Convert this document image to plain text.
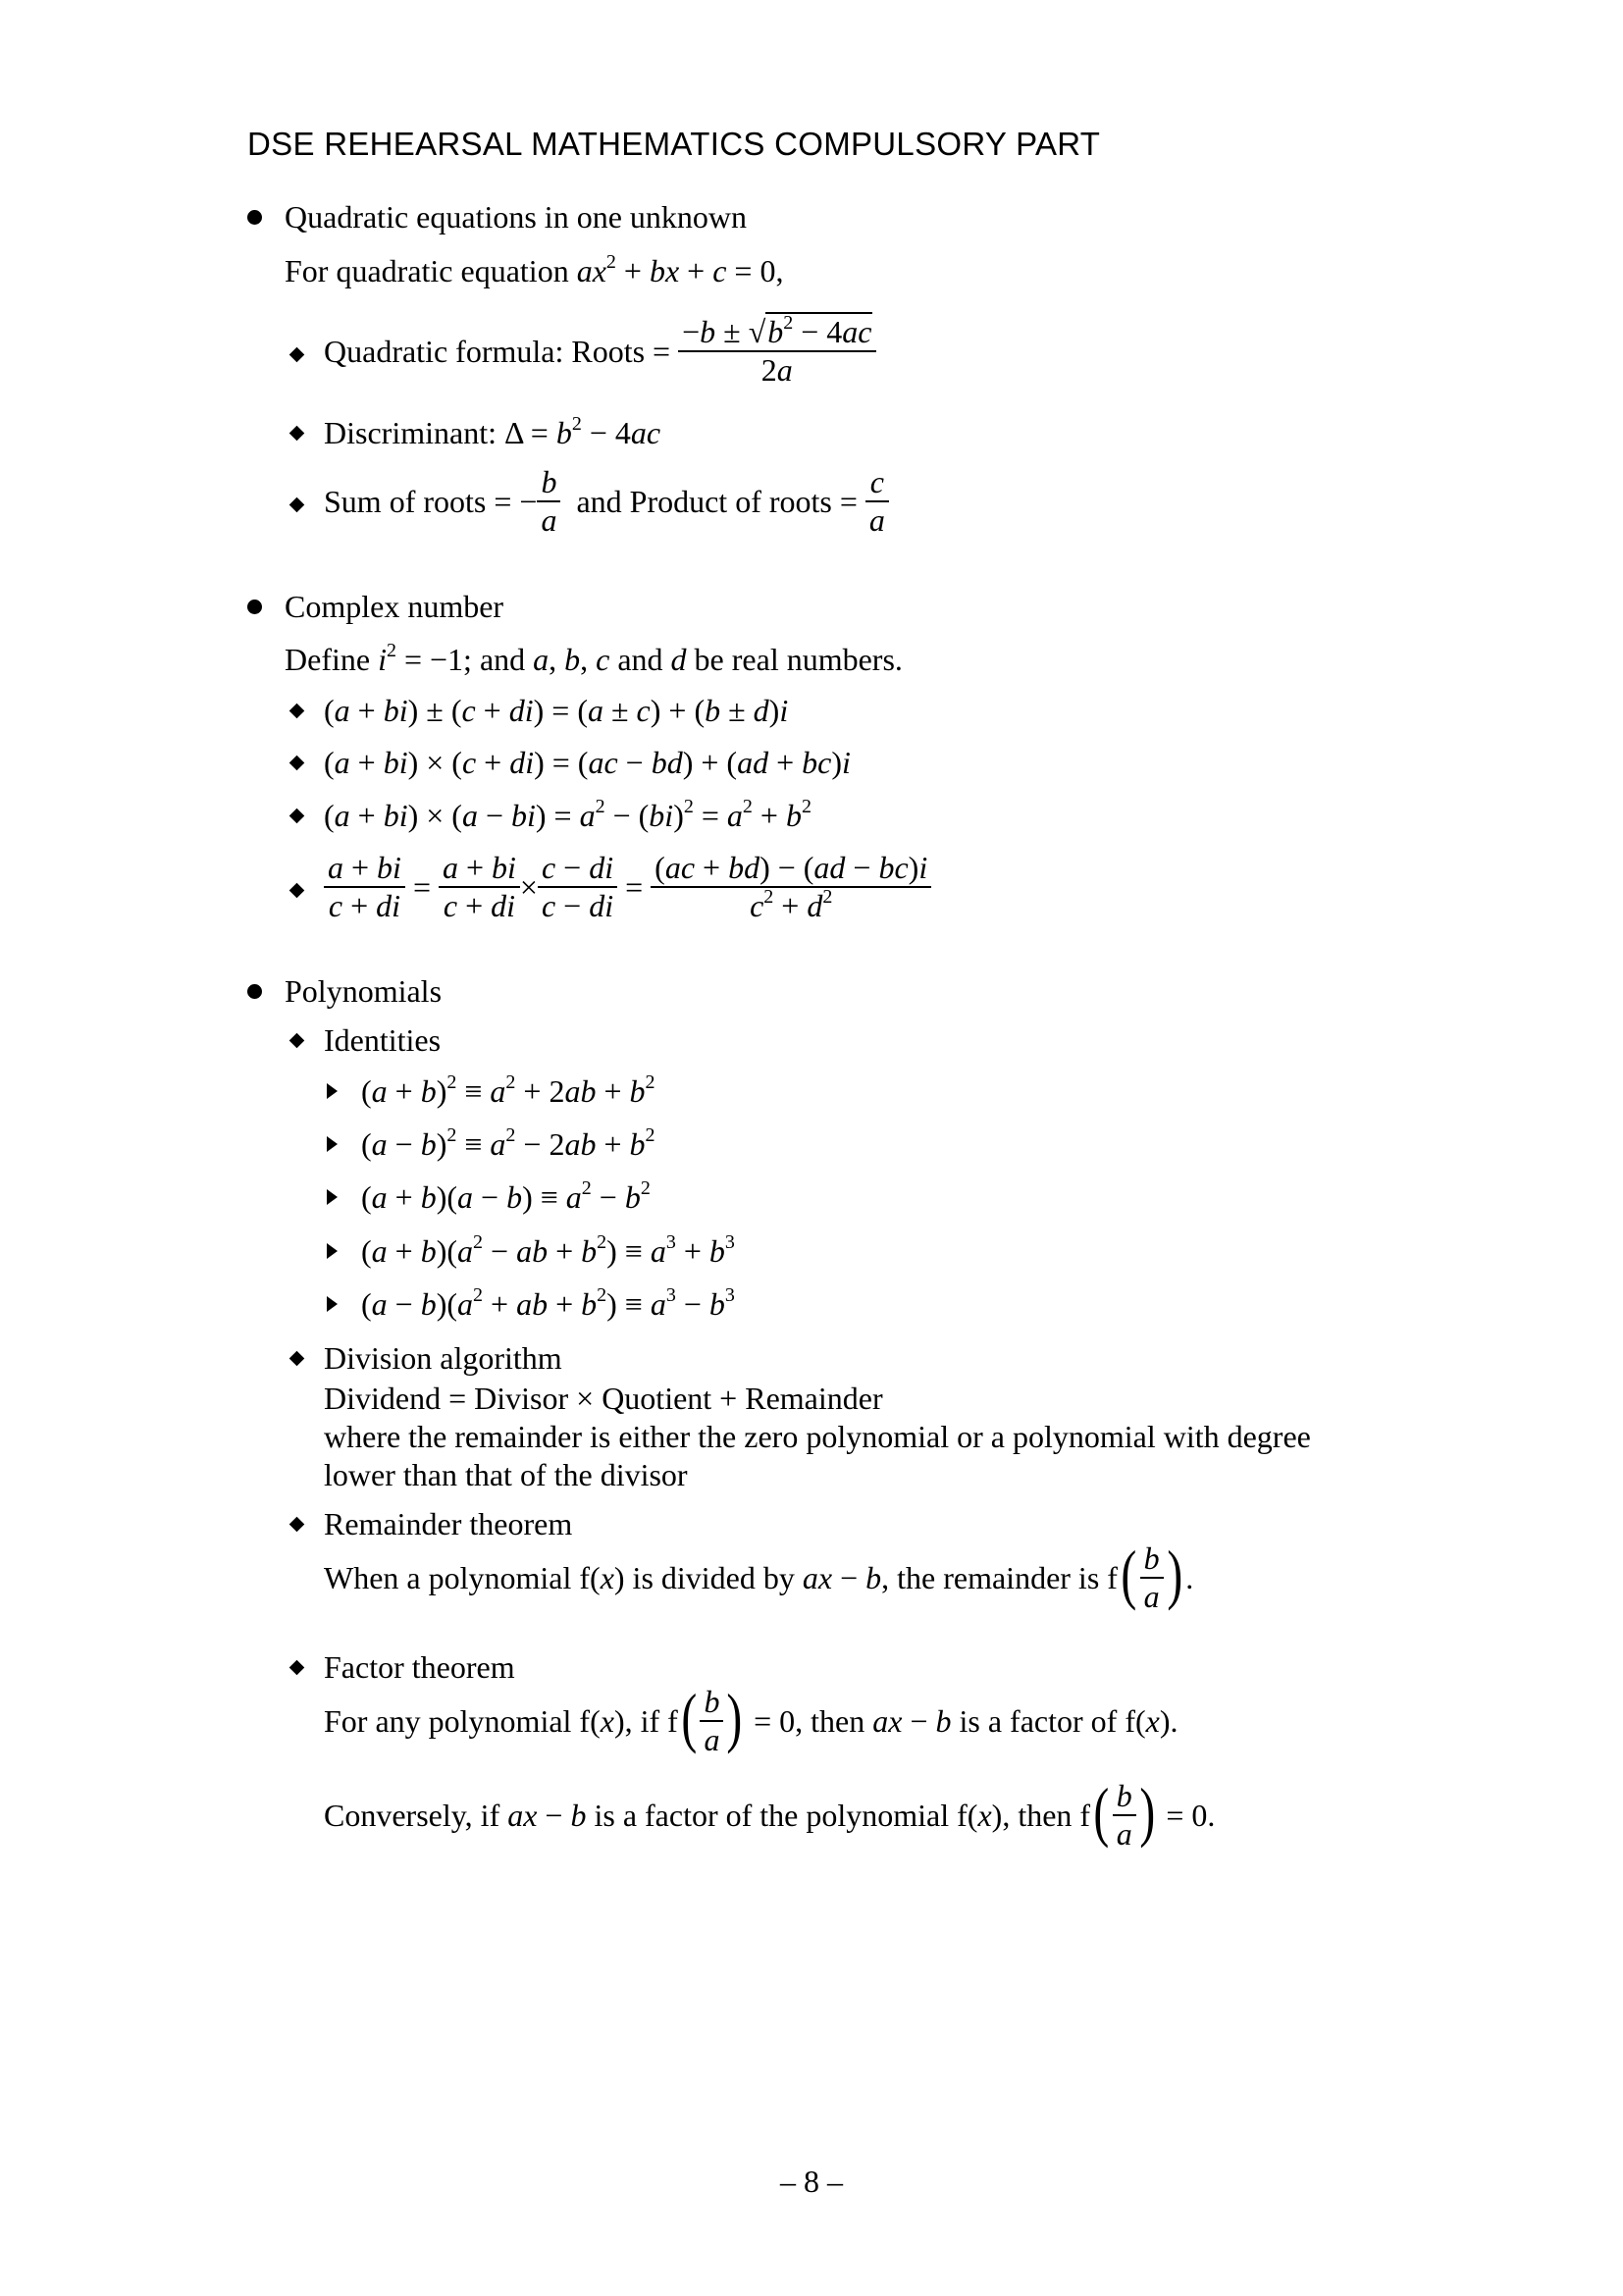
DSE REHEARSAL MATHEMATICS COMPULSORY PART
Quadratic equations in one unknown
For quadratic equation $ax^2$ + bx + c = 0,
Quadratic formula: Roots = $\frac{-b \pm √b^2 - 4ac}{2a}$
Discriminant: $\Delta = b^2 - 4ac$
Sum of roots = − $\frac{b}{a}$ and Product of roots = $\frac{c}{a}$
Complex number
Define $i^2 = -1$; and a, b, c and d be real numbers.
(a + bi) ± (c + di) = (a ± c) + (b ± d)i
(a + bi) × (c + di) = (ac − bd) + (ad + bc)i
$(a + bi) \times (a - bi) = a^2 - (bi)^2 = a^2 + b^2$
$\frac{a + bi}{c + di} = \frac{a + bi}{c + di} \times \frac{c - di}{c - di} = \frac{(ac + bd) - (ad - bc)i}{c^2 + d^2}$
Polynomials
Identities
$(a + b)^2 \equiv a^2 + 2ab + b^2$
$(a - b)^2 \equiv a^2 - 2ab + b^2$
$(a + b)(a - b) \equiv a^2 - b^2$
$(a + b)(a^2$ − ab + $b^2) \equiv a^3 + b^3$
$(a - b)(a^2$ + ab + $b^2) \equiv a^3 - b^3$
Division algorithm
Dividend = Divisor × Quotient + Remainder
where the remainder is either the zero polynomial or a polynomial with degree
lower than that of the divisor
Remainder theorem
When a polynomial f(x) is divided by ax − b, the remainder is $f( \frac{b}{a}$ ) .
Factor theorem
For any polynomial f(x), if $f( \frac{b}{a}$ ) = 0, then ax − b is a factor of f(x).
Conversely, if ax − b is a factor of the polynomial f(x), then $f( \frac{b}{a}$ ) = 0.
– 8 –
